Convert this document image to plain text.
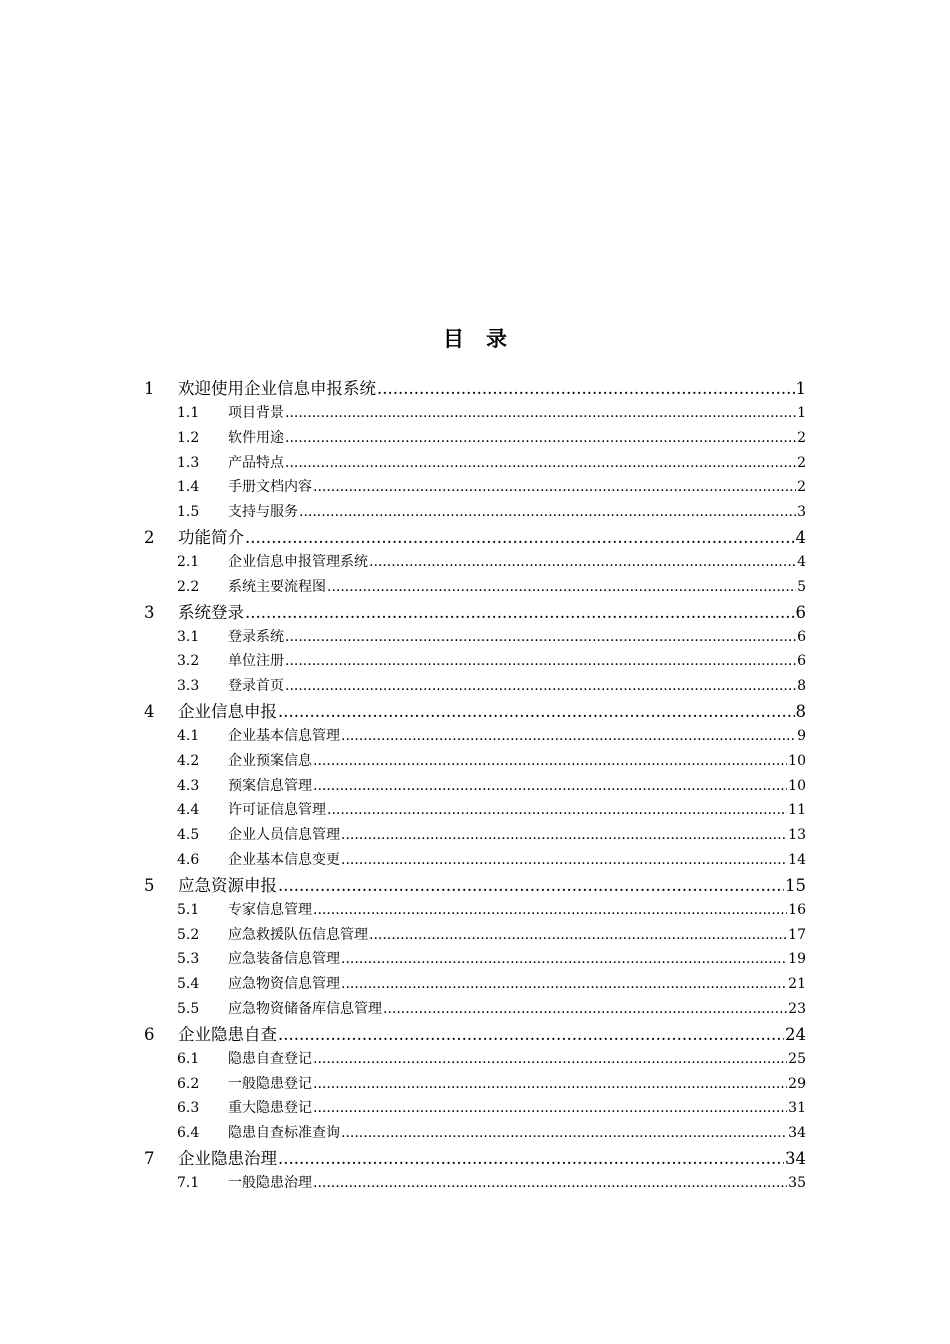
目录
1	欢迎使用企业信息申报系统 .....	1
1.1	项目背景 .....	1
1.2	软件用途 .....	2
1.3	产品特点 .....	2
1.4	手册文档内容 .....	2
1.5	支持与服务 .....	3
2	功能简介 .....	4
2.1	企业信息申报管理系统 .....	4
2.2	系统主要流程图 .....	5
3	系统登录 .....	6
3.1	登录系统 .....	6
3.2	单位注册 .....	6
3.3	登录首页 .....	8
4	企业信息申报 .....	8
4.1	企业基本信息管理 .....	9
4.2	企业预案信息 .....	10
4.3	预案信息管理 .....	10
4.4	许可证信息管理 .....	11
4.5	企业人员信息管理 .....	13
4.6	企业基本信息变更 .....	14
5	应急资源申报 .....	15
5.1	专家信息管理 .....	16
5.2	应急救援队伍信息管理 .....	17
5.3	应急装备信息管理 .....	19
5.4	应急物资信息管理 .....	21
5.5	应急物资储备库信息管理 .....	23
6	企业隐患自查 .....	24
6.1	隐患自查登记 .....	25
6.2	一般隐患登记 .....	29
6.3	重大隐患登记 .....	31
6.4	隐患自查标准查询 .....	34
7	企业隐患治理 .....	34
7.1	一般隐患治理 .....	35
